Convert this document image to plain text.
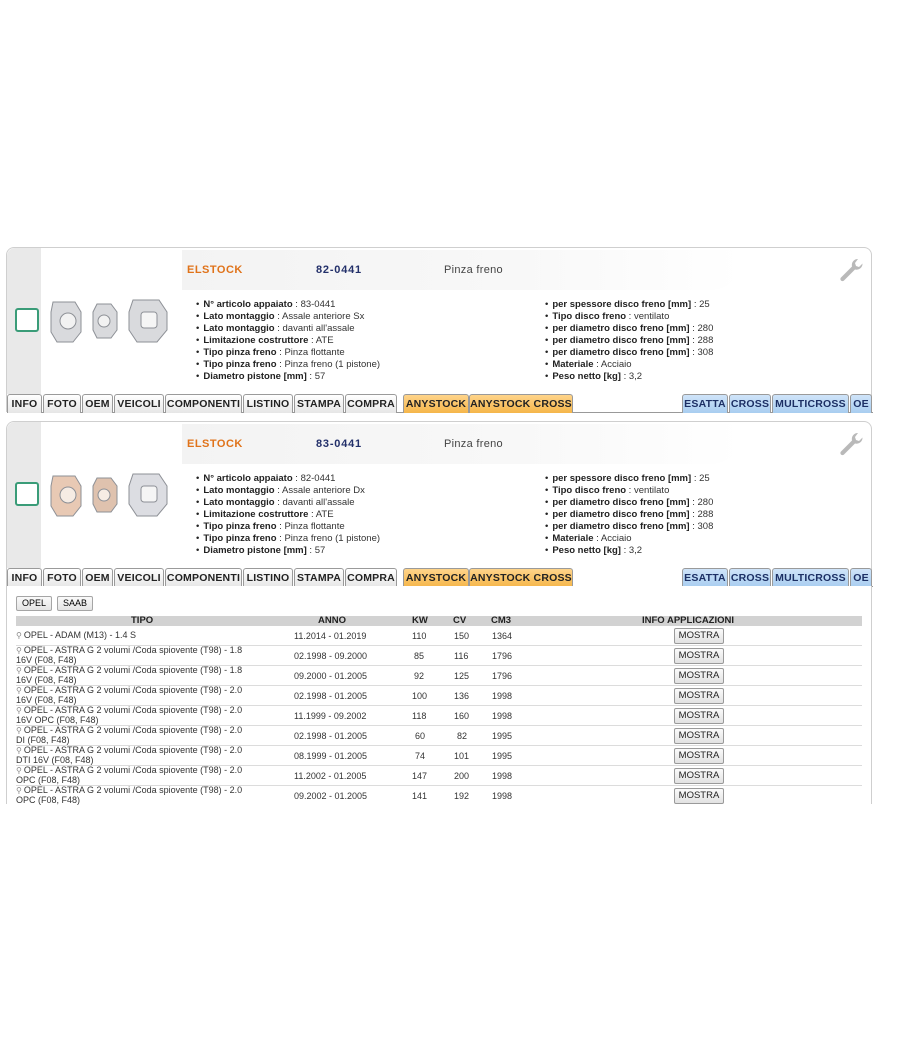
ELSTOCK	82-0441	Pinza freno
• N° articolo appaiato : 83-0441
• Lato montaggio : Assale anteriore Sx
• Lato montaggio : davanti all'assale
• Limitazione costruttore : ATE
• Tipo pinza freno : Pinza flottante
• Tipo pinza freno : Pinza freno (1 pistone)
• Diametro pistone [mm] : 57
• per spessore disco freno [mm] : 25
• Tipo disco freno : ventilato
• per diametro disco freno [mm] : 280
• per diametro disco freno [mm] : 288
• per diametro disco freno [mm] : 308
• Materiale : Acciaio
• Peso netto [kg] : 3,2
INFO FOTO OEM VEICOLI COMPONENTI LISTINO STAMPA COMPRA ANYSTOCK ANYSTOCK CROSS	ESATTA CROSS MULTICROSS OE
ELSTOCK	83-0441	Pinza freno
• N° articolo appaiato : 82-0441
• Lato montaggio : Assale anteriore Dx
• Lato montaggio : davanti all'assale
• Limitazione costruttore : ATE
• Tipo pinza freno : Pinza flottante
• Tipo pinza freno : Pinza freno (1 pistone)
• Diametro pistone [mm] : 57
• per spessore disco freno [mm] : 25
• Tipo disco freno : ventilato
• per diametro disco freno [mm] : 280
• per diametro disco freno [mm] : 288
• per diametro disco freno [mm] : 308
• Materiale : Acciaio
• Peso netto [kg] : 3,2
INFO FOTO OEM VEICOLI COMPONENTI LISTINO STAMPA COMPRA ANYSTOCK ANYSTOCK CROSS	ESATTA CROSS MULTICROSS OE
OPEL	SAAB
TIPO	ANNO	KW	CV	CM3	INFO APPLICAZIONI
⚲ OPEL - ADAM (M13) - 1.4 S	11.2014 - 01.2019	110	150	1364	MOSTRA
⚲ OPEL - ASTRA G 2 volumi /Coda spiovente (T98) - 1.8
16V (F08, F48)	02.1998 - 09.2000	85	116	1796	MOSTRA
⚲ OPEL - ASTRA G 2 volumi /Coda spiovente (T98) - 1.8
16V (F08, F48)	09.2000 - 01.2005	92	125	1796	MOSTRA
⚲ OPEL - ASTRA G 2 volumi /Coda spiovente (T98) - 2.0
16V (F08, F48)	02.1998 - 01.2005	100	136	1998	MOSTRA
⚲ OPEL - ASTRA G 2 volumi /Coda spiovente (T98) - 2.0
16V OPC (F08, F48)	11.1999 - 09.2002	118	160	1998	MOSTRA
⚲ OPEL - ASTRA G 2 volumi /Coda spiovente (T98) - 2.0
DI (F08, F48)	02.1998 - 01.2005	60	82	1995	MOSTRA
⚲ OPEL - ASTRA G 2 volumi /Coda spiovente (T98) - 2.0
DTI 16V (F08, F48)	08.1999 - 01.2005	74	101	1995	MOSTRA
⚲ OPEL - ASTRA G 2 volumi /Coda spiovente (T98) - 2.0
OPC (F08, F48)	11.2002 - 01.2005	147	200	1998	MOSTRA
⚲ OPEL - ASTRA G 2 volumi /Coda spiovente (T98) - 2.0
OPC (F08, F48)	09.2002 - 01.2005	141	192	1998	MOSTRA
